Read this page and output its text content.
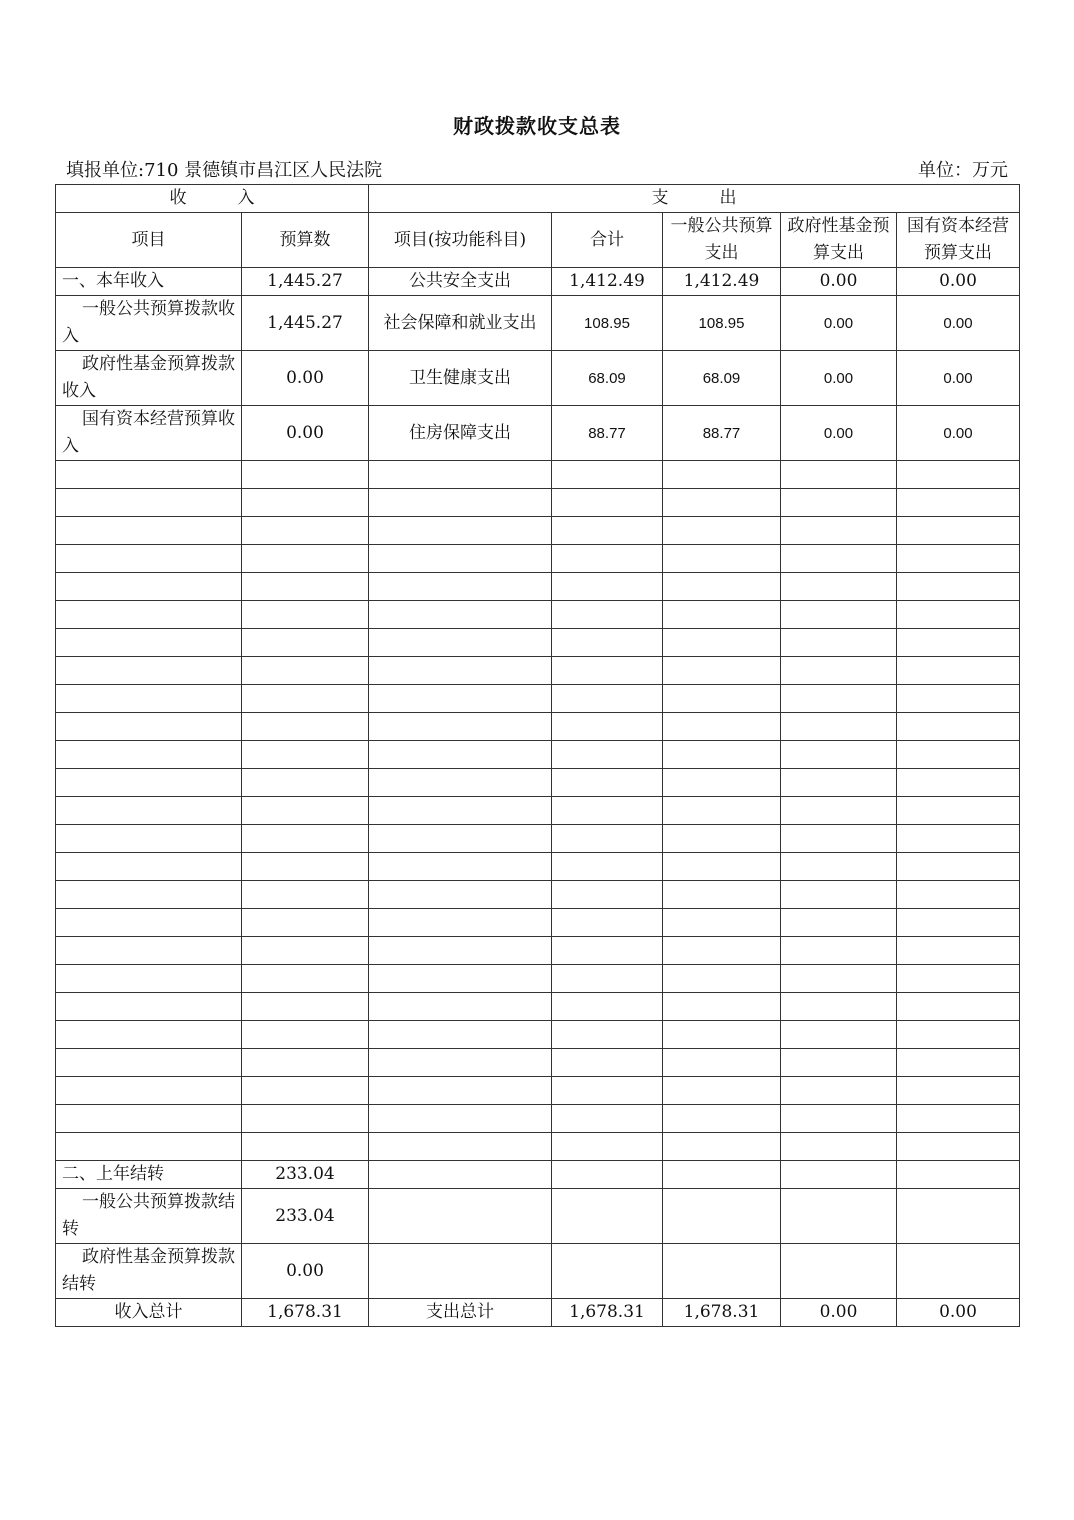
财政拨款收支总表
填报单位:710 景德镇市昌江区人民法院	单位：万元
收　　　入		支　　　出				
项目	预算数	项目(按功能科目)	合计	一般公共预算支出	政府性基金预算支出	国有资本经营预算支出
一、本年收入	1,445.27	公共安全支出	1,412.49	1,412.49	0.00	0.00
一般公共预算拨款收入	1,445.27	社会保障和就业支出	108.95	108.95	0.00	0.00
政府性基金预算拨款收入	0.00	卫生健康支出	68.09	68.09	0.00	0.00
国有资本经营预算收入	0.00	住房保障支出	88.77	88.77	0.00	0.00

二、上年结转	233.04					
一般公共预算拨款结转	233.04					
政府性基金预算拨款结转	0.00					
收入总计	1,678.31	支出总计	1,678.31	1,678.31	0.00	0.00
